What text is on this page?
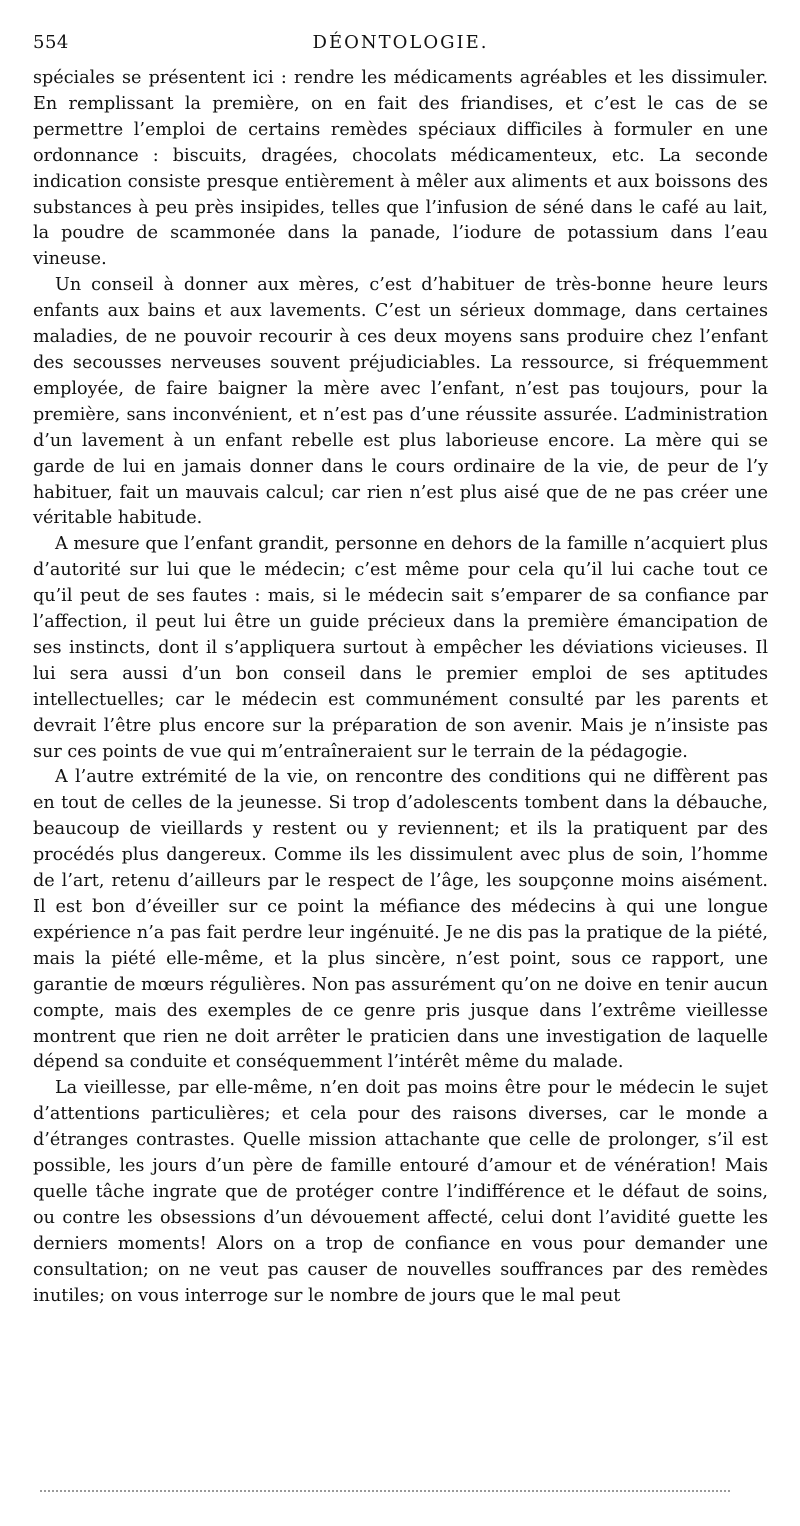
554	DÉONTOLOGIE.

spéciales se présentent ici : rendre les médicaments agréables et les dissimuler. En remplissant la première, on en fait des friandises, et c’est le cas de se permettre l’emploi de certains remèdes spéciaux difficiles à formuler en une ordonnance : biscuits, dragées, chocolats médicamenteux, etc. La seconde indication consiste presque entièrement à mêler aux aliments et aux boissons des substances à peu près insipides, telles que l’infusion de séné dans le café au lait, la poudre de scammonée dans la panade, l’iodure de potassium dans l’eau vineuse.

Un conseil à donner aux mères, c’est d’habituer de très-bonne heure leurs enfants aux bains et aux lavements. C’est un sérieux dommage, dans certaines maladies, de ne pouvoir recourir à ces deux moyens sans produire chez l’enfant des secousses nerveuses souvent préjudiciables. La ressource, si fréquemment employée, de faire baigner la mère avec l’enfant, n’est pas toujours, pour la première, sans inconvénient, et n’est pas d’une réussite assurée. L’administration d’un lavement à un enfant rebelle est plus laborieuse encore. La mère qui se garde de lui en jamais donner dans le cours ordinaire de la vie, de peur de l’y habituer, fait un mauvais calcul; car rien n’est plus aisé que de ne pas créer une véritable habitude.

A mesure que l’enfant grandit, personne en dehors de la famille n’acquiert plus d’autorité sur lui que le médecin; c’est même pour cela qu’il lui cache tout ce qu’il peut de ses fautes : mais, si le médecin sait s’emparer de sa confiance par l’affection, il peut lui être un guide précieux dans la première émancipation de ses instincts, dont il s’appliquera surtout à empêcher les déviations vicieuses. Il lui sera aussi d’un bon conseil dans le premier emploi de ses aptitudes intellectuelles; car le médecin est communément consulté par les parents et devrait l’être plus encore sur la préparation de son avenir. Mais je n’insiste pas sur ces points de vue qui m’entraîneraient sur le terrain de la pédagogie.

A l’autre extrémité de la vie, on rencontre des conditions qui ne diffèrent pas en tout de celles de la jeunesse. Si trop d’adolescents tombent dans la débauche, beaucoup de vieillards y restent ou y reviennent; et ils la pratiquent par des procédés plus dangereux. Comme ils les dissimulent avec plus de soin, l’homme de l’art, retenu d’ailleurs par le respect de l’âge, les soupçonne moins aisément. Il est bon d’éveiller sur ce point la méfiance des médecins à qui une longue expérience n’a pas fait perdre leur ingénuité. Je ne dis pas la pratique de la piété, mais la piété elle-même, et la plus sincère, n’est point, sous ce rapport, une garantie de mœurs régulières. Non pas assurément qu’on ne doive en tenir aucun compte, mais des exemples de ce genre pris jusque dans l’extrême vieillesse montrent que rien ne doit arrêter le praticien dans une investigation de laquelle dépend sa conduite et conséquemment l’intérêt même du malade.

La vieillesse, par elle-même, n’en doit pas moins être pour le médecin le sujet d’attentions particulières; et cela pour des raisons diverses, car le monde a d’étranges contrastes. Quelle mission attachante que celle de prolonger, s’il est possible, les jours d’un père de famille entouré d’amour et de vénération! Mais quelle tâche ingrate que de protéger contre l’indifférence et le défaut de soins, ou contre les obsessions d’un dévouement affecté, celui dont l’avidité guette les derniers moments! Alors on a trop de confiance en vous pour demander une consultation; on ne veut pas causer de nouvelles souffrances par des remèdes inutiles; on vous interroge sur le nombre de jours que le mal peut
